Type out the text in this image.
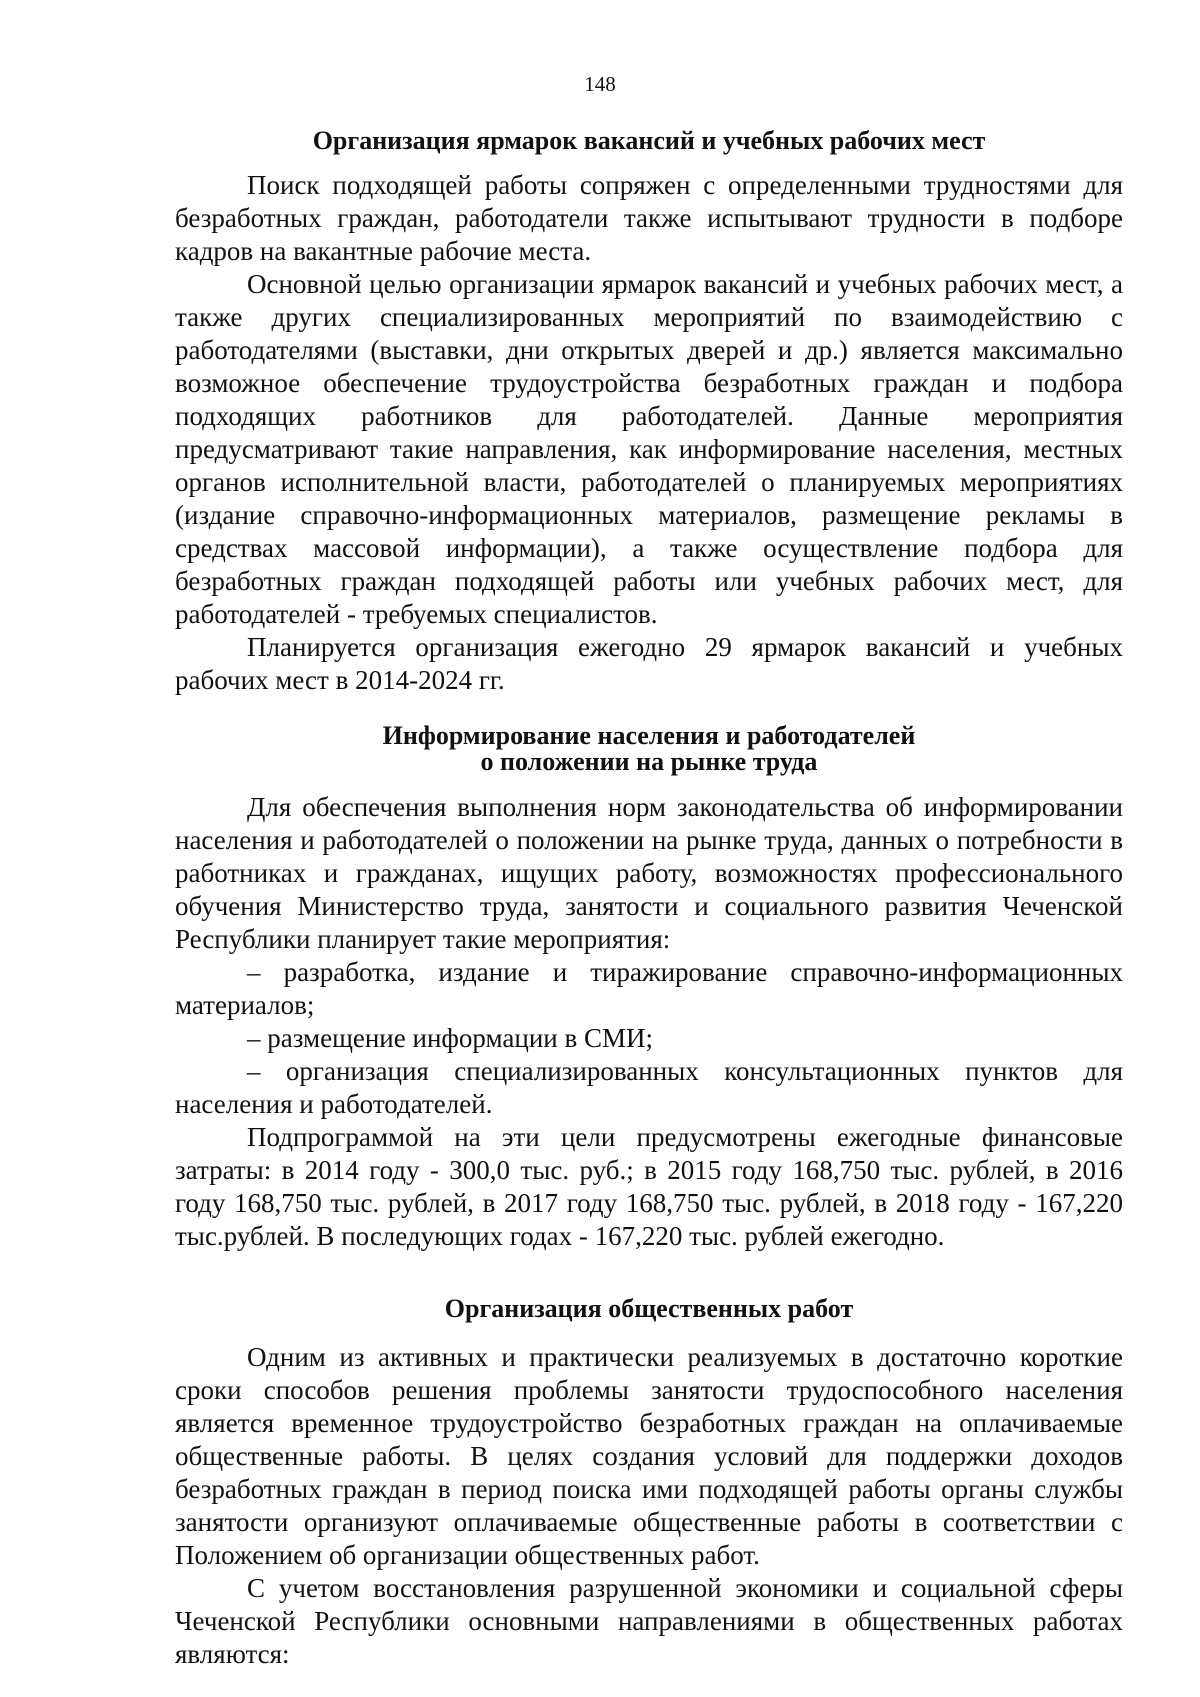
148
Организация ярмарок вакансий и учебных рабочих мест

Поиск подходящей работы сопряжен с определенными трудностями для безработных граждан, работодатели также испытывают трудности в подборе кадров на вакантные рабочие места.

Основной целью организации ярмарок вакансий и учебных рабочих мест, а также других специализированных мероприятий по взаимодействию с работодателями (выставки, дни открытых дверей и др.) является максимально возможное обеспечение трудоустройства безработных граждан и подбора подходящих работников для работодателей. Данные мероприятия предусматривают такие направления, как информирование населения, местных органов исполнительной власти, работодателей о планируемых мероприятиях (издание справочно-информационных материалов, размещение рекламы в средствах массовой информации), а также осуществление подбора для безработных граждан подходящей работы или учебных рабочих мест, для работодателей - требуемых специалистов.

Планируется организация ежегодно 29 ярмарок вакансий и учебных рабочих мест в 2014-2024 гг.

Информирование населения и работодателей
о положении на рынке труда

Для обеспечения выполнения норм законодательства об информировании населения и работодателей о положении на рынке труда, данных о потребности в работниках и гражданах, ищущих работу, возможностях профессионального обучения Министерство труда, занятости и социального развития Чеченской Республики планирует такие мероприятия:

– разработка, издание и тиражирование справочно-информационных материалов;

– размещение информации в СМИ;

– организация специализированных консультационных пунктов для населения и работодателей.

Подпрограммой на эти цели предусмотрены ежегодные финансовые затраты: в 2014 году - 300,0 тыс. руб.; в 2015 году 168,750 тыс. рублей, в 2016 году 168,750 тыс. рублей, в 2017 году 168,750 тыс. рублей, в 2018 году - 167,220 тыс.рублей. В последующих годах - 167,220 тыс. рублей ежегодно.

Организация общественных работ

Одним из активных и практически реализуемых в достаточно короткие сроки способов решения проблемы занятости трудоспособного населения является временное трудоустройство безработных граждан на оплачиваемые общественные работы. В целях создания условий для поддержки доходов безработных граждан в период поиска ими подходящей работы органы службы занятости организуют оплачиваемые общественные работы в соответствии с Положением об организации общественных работ.

С учетом восстановления разрушенной экономики и социальной сферы Чеченской Республики основными направлениями в общественных работах являются:
